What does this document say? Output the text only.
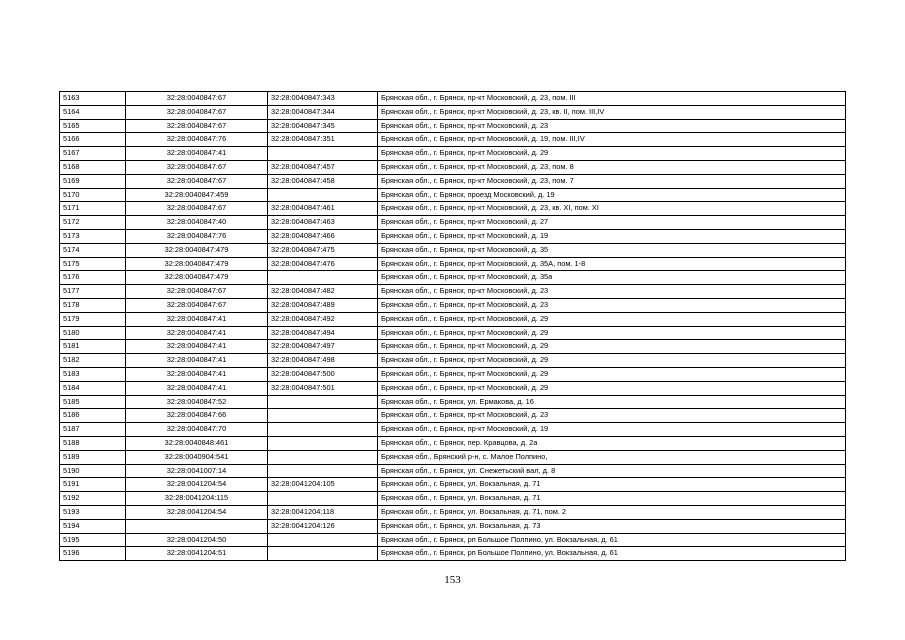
5163	32:28:0040847:67	32:28:0040847:343	Брянская обл., г. Брянск, пр-кт Московский, д. 23, пом. III
5164	32:28:0040847:67	32:28:0040847:344	Брянская обл., г. Брянск, пр-кт Московский, д. 23, кв. II, пом. III,IV
5165	32:28:0040847:67	32:28:0040847:345	Брянская обл., г. Брянск, пр-кт Московский, д. 23
5166	32:28:0040847:76	32:28:0040847:351	Брянская обл., г. Брянск, пр-кт Московский, д. 19, пом. III,IV
5167	32:28:0040847:41		Брянская обл., г. Брянск, пр-кт Московский, д. 29
5168	32:28:0040847:67	32:28:0040847:457	Брянская обл., г. Брянск, пр-кт Московский, д. 23, пом. 8
5169	32:28:0040847:67	32:28:0040847:458	Брянская обл., г. Брянск, пр-кт Московский, д. 23, пом. 7
5170	32:28:0040847:459		Брянская обл., г. Брянск, проезд Московский, д. 19
5171	32:28:0040847:67	32:28:0040847:461	Брянская обл., г. Брянск, пр-кт Московский, д. 23, кв. XI, пом. XI
5172	32:28:0040847:40	32:28:0040847:463	Брянская обл., г. Брянск, пр-кт Московский, д. 27
5173	32:28:0040847:76	32:28:0040847:466	Брянская обл., г. Брянск, пр-кт Московский, д. 19
5174	32:28:0040847:479	32:28:0040847:475	Брянская обл., г. Брянск, пр-кт Московский, д. 35
5175	32:28:0040847:479	32:28:0040847:476	Брянская обл., г. Брянск, пр-кт Московский, д. 35А, пом. 1-8
5176	32:28:0040847:479		Брянская обл., г. Брянск, пр-кт Московский, д. 35а
5177	32:28:0040847:67	32:28:0040847:482	Брянская обл., г. Брянск, пр-кт Московский, д. 23
5178	32:28:0040847:67	32:28:0040847:489	Брянская обл., г. Брянск, пр-кт Московский, д. 23
5179	32:28:0040847:41	32:28:0040847:492	Брянская обл., г. Брянск, пр-кт Московский, д. 29
5180	32:28:0040847:41	32:28:0040847:494	Брянская обл., г. Брянск, пр-кт Московский, д. 29
5181	32:28:0040847:41	32:28:0040847:497	Брянская обл., г. Брянск, пр-кт Московский, д. 29
5182	32:28:0040847:41	32:28:0040847:498	Брянская обл., г. Брянск, пр-кт Московский, д. 29
5183	32:28:0040847:41	32:28:0040847:500	Брянская обл., г. Брянск, пр-кт Московский, д. 29
5184	32:28:0040847:41	32:28:0040847:501	Брянская обл., г. Брянск, пр-кт Московский, д. 29
5185	32:28:0040847:52		Брянская обл., г. Брянск, ул. Ермакова, д. 16
5186	32:28:0040847:66		Брянская обл., г. Брянск, пр-кт Московский, д. 23
5187	32:28:0040847:70		Брянская обл., г. Брянск, пр-кт Московский, д. 19
5188	32:28:0040848:461		Брянская обл., г. Брянск, пер. Кравцова, д. 2а
5189	32:28:0040904:541		Брянская обл., Брянский р-н, с. Малое Полпино,
5190	32:28:0041007:14		Брянская обл., г. Брянск, ул. Снежетьский вал, д. 8
5191	32:28:0041204:54	32:28:0041204:105	Брянская обл., г. Брянск, ул. Вокзальная, д. 71
5192	32:28:0041204:115		Брянская обл., г. Брянск, ул. Вокзальная, д. 71
5193	32:28:0041204:54	32:28:0041204:118	Брянская обл., г. Брянск, ул. Вокзальная, д. 71, пом. 2
5194		32:28:0041204:126	Брянская обл., г. Брянск, ул. Вокзальная, д. 73
5195	32:28:0041204:50		Брянская обл., г. Брянск, рп Большое Полпино, ул. Вокзальная, д. 61
5196	32:28:0041204:51		Брянская обл., г. Брянск, рп Большое Полпино, ул. Вокзальная, д. 61
153
